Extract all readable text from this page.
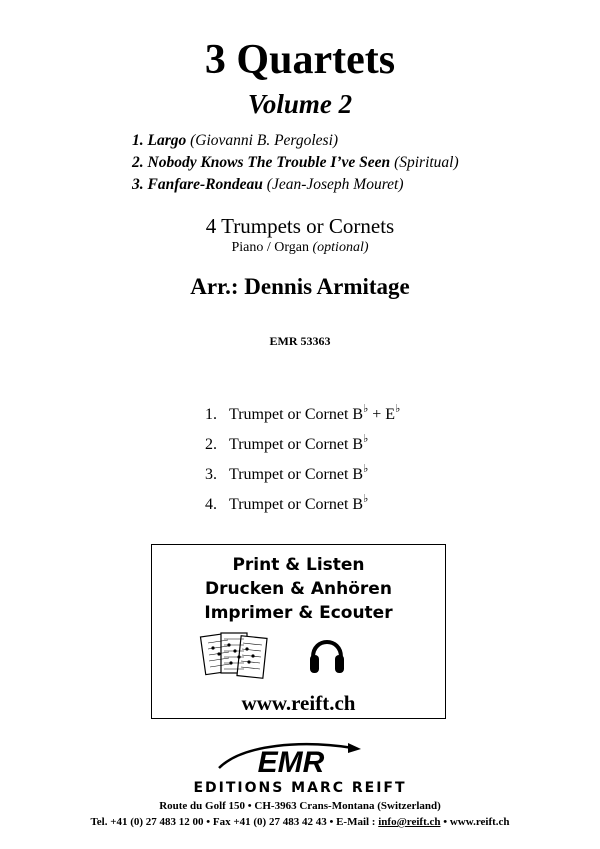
3 Quartets
Volume 2
1. Largo (Giovanni B. Pergolesi)
2. Nobody Knows The Trouble I’ve Seen (Spiritual)
3. Fanfare-Rondeau (Jean-Joseph Mouret)
4 Trumpets or Cornets
Piano / Organ (optional)
Arr.: Dennis Armitage
EMR 53363
1. Trumpet or Cornet B♭ + E♭
2. Trumpet or Cornet B♭
3. Trumpet or Cornet B♭
4. Trumpet or Cornet B♭
Print & Listen
Drucken & Anhören
Imprimer & Ecouter
www.reift.ch
EMR
EDITIONS MARC REIFT
Route du Golf 150 • CH-3963 Crans-Montana (Switzerland)
Tel. +41 (0) 27 483 12 00 • Fax +41 (0) 27 483 42 43 • E-Mail : info@reift.ch • www.reift.ch
